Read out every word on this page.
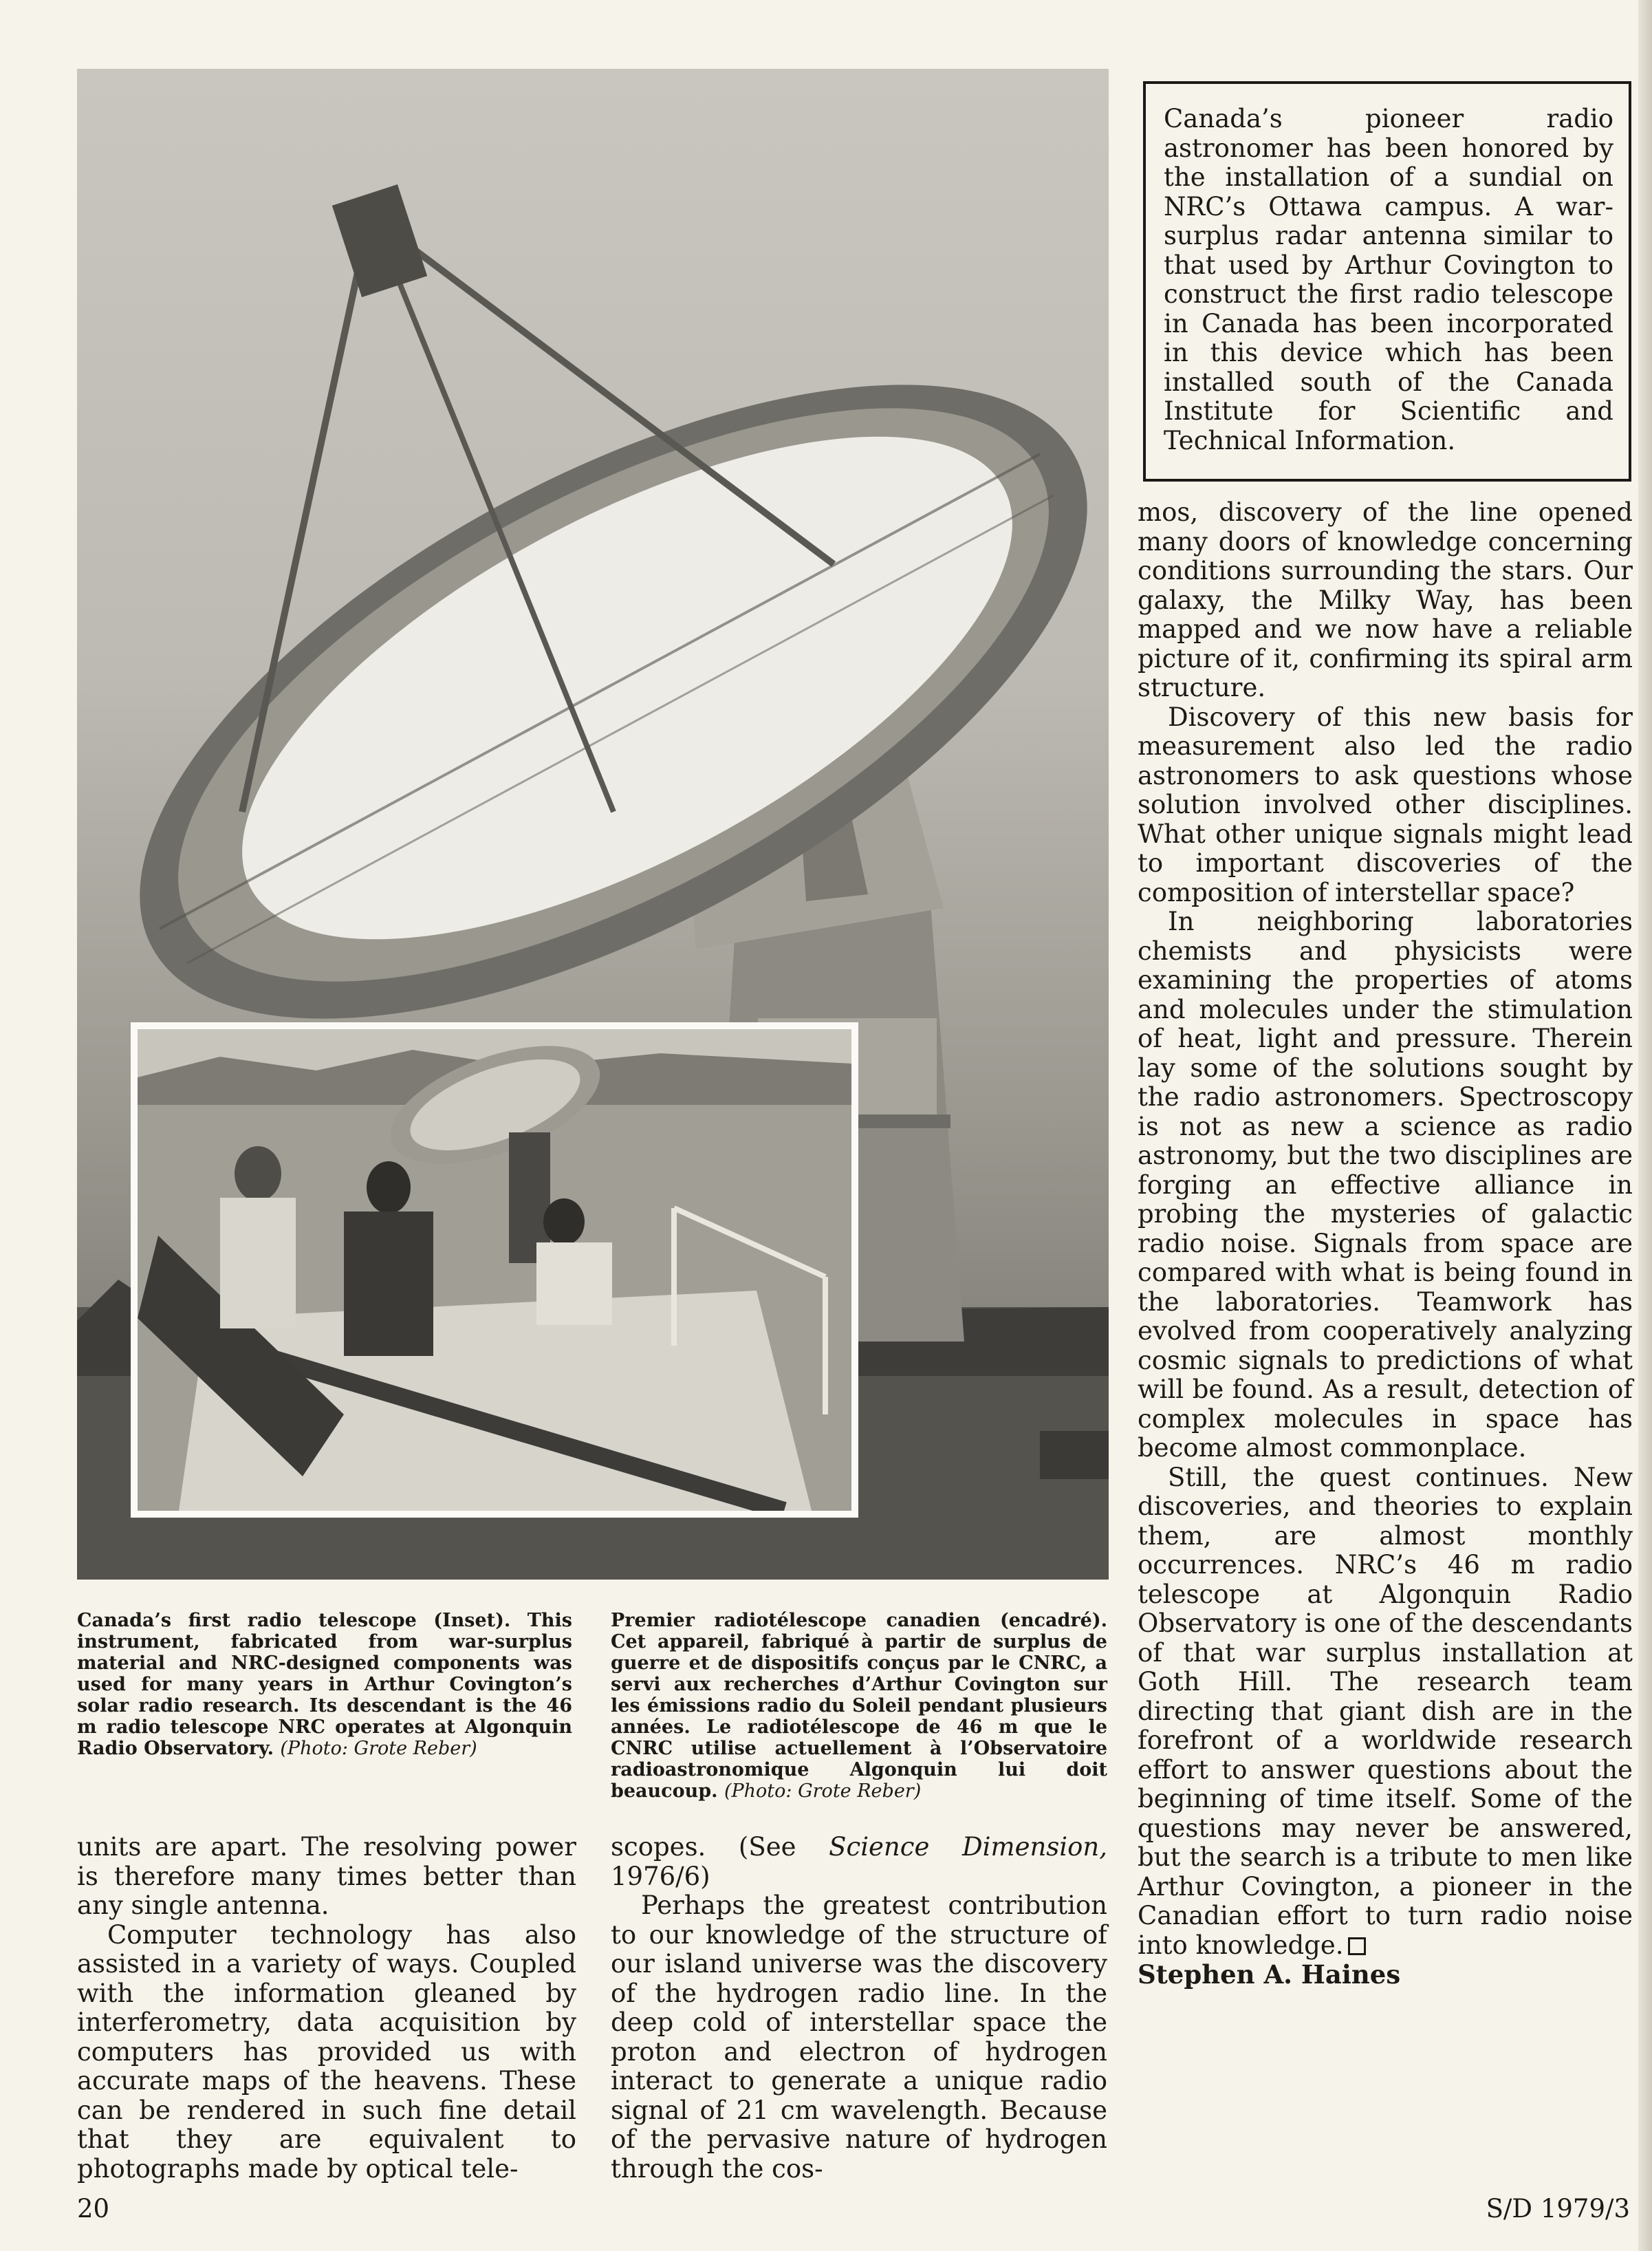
Canada’s pioneer radio astronomer has been honored by the installation of a sundial on NRC’s Ottawa campus. A war-surplus radar antenna similar to that used by Arthur Covington to construct the first radio telescope in Canada has been incorporated in this device which has been installed south of the Canada Institute for Scientific and Technical Information.
Canada’s first radio telescope (Inset). This instrument, fabricated from war-surplus material and NRC-designed components was used for many years in Arthur Covington’s solar radio research. Its descendant is the 46 m radio telescope NRC operates at Algonquin Radio Observatory. (Photo: Grote Reber)
Premier radiotélescope canadien (encadré). Cet appareil, fabriqué à partir de surplus de guerre et de dispositifs conçus par le CNRC, a servi aux recherches d’Arthur Covington sur les émissions radio du Soleil pendant plusieurs années. Le radiotélescope de 46 m que le CNRC utilise actuellement à l’Observatoire radioastronomique Algonquin lui doit beaucoup. (Photo: Grote Reber)

units are apart. The resolving power is therefore many times better than any single antenna.

Computer technology has also assisted in a variety of ways. Coupled with the information gleaned by interferometry, data acquisition by computers has provided us with accurate maps of the heavens. These can be rendered in such fine detail that they are equivalent to photographs made by optical tele-

scopes. (See Science Dimension, 1976/6)

Perhaps the greatest contribution to our knowledge of the structure of our island universe was the discovery of the hydrogen radio line. In the deep cold of interstellar space the proton and electron of hydrogen interact to generate a unique radio signal of 21 cm wavelength. Because of the pervasive nature of hydrogen through the cos-

mos, discovery of the line opened many doors of knowledge concerning conditions surrounding the stars. Our galaxy, the Milky Way, has been mapped and we now have a reliable picture of it, confirming its spiral arm structure.

Discovery of this new basis for measurement also led the radio astronomers to ask questions whose solution involved other disciplines. What other unique signals might lead to important discoveries of the composition of interstellar space?

In neighboring laboratories chemists and physicists were examining the properties of atoms and molecules under the stimulation of heat, light and pressure. Therein lay some of the solutions sought by the radio astronomers. Spectroscopy is not as new a science as radio astronomy, but the two disciplines are forging an effective alliance in probing the mysteries of galactic radio noise. Signals from space are compared with what is being found in the laboratories. Teamwork has evolved from cooperatively analyzing cosmic signals to predictions of what will be found. As a result, detection of complex molecules in space has become almost commonplace.

Still, the quest continues. New discoveries, and theories to explain them, are almost monthly occurrences. NRC’s 46 m radio telescope at Algonquin Radio Observatory is one of the descendants of that war surplus installation at Goth Hill. The research team directing that giant dish are in the forefront of a worldwide research effort to answer questions about the beginning of time itself. Some of the questions may never be answered, but the search is a tribute to men like Arthur Covington, a pioneer in the Canadian effort to turn radio noise into knowledge.

Stephen A. Haines

20	S/D 1979/3
